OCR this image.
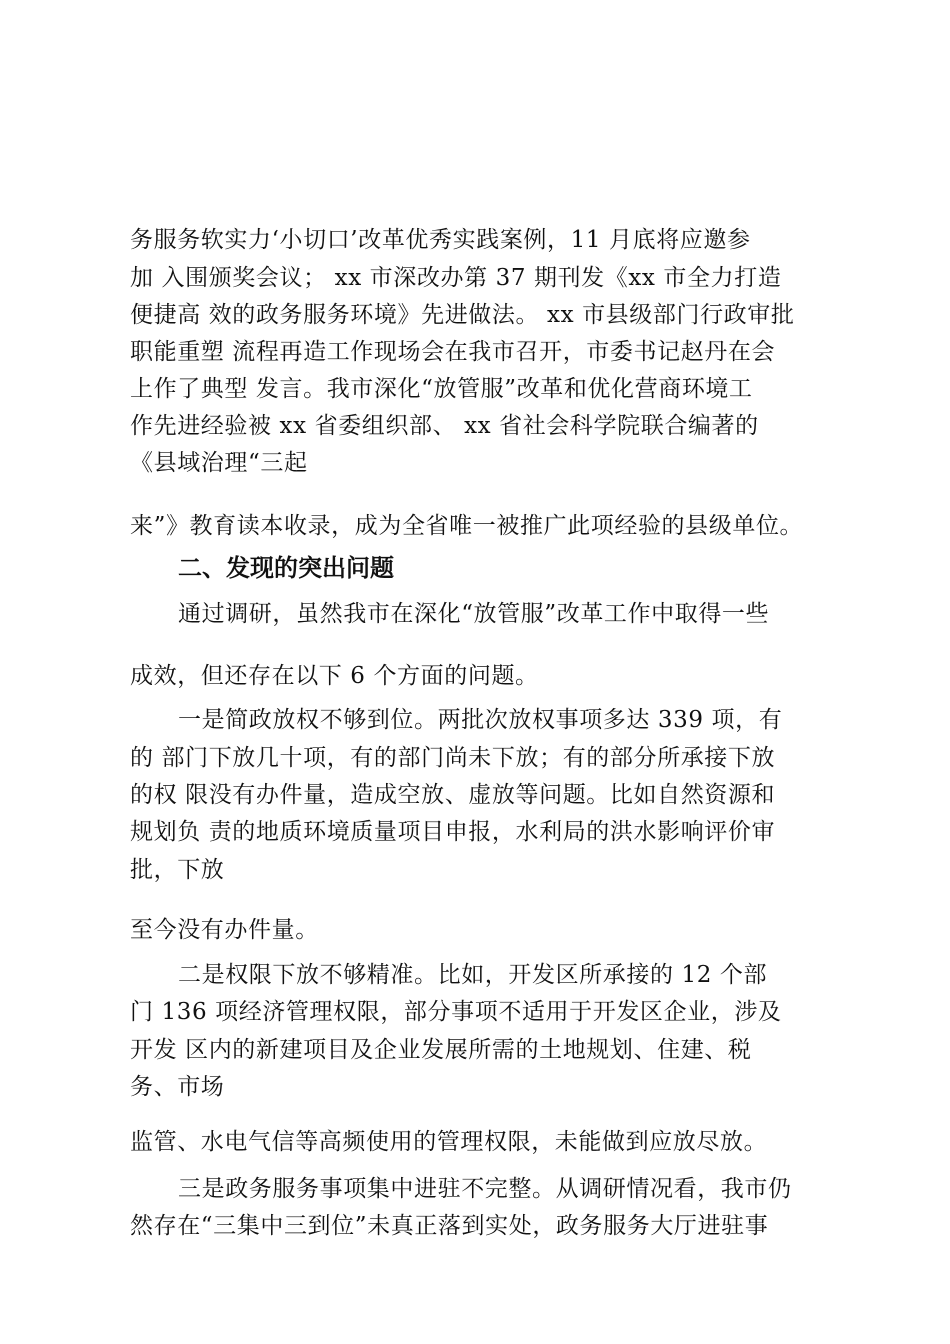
务服务软实力‘小切口’改革优秀实践案例，11 月底将应邀参
加 入围颁奖会议； xx 市深改办第 37 期刊发《xx 市全力打造
便捷高 效的政务服务环境》先进做法。 xx 市县级部门行政审批
职能重塑 流程再造工作现场会在我市召开，市委书记赵丹在会
上作了典型 发言。我市深化“放管服”改革和优化营商环境工
作先进经验被 xx 省委组织部、 xx 省社会科学院联合编著的
《县域治理“三起
来”》教育读本收录，成为全省唯一被推广此项经验的县级单位。
二、发现的突出问题
通过调研，虽然我市在深化“放管服”改革工作中取得一些
成效，但还存在以下 6 个方面的问题。
一是简政放权不够到位。两批次放权事项多达 339 项，有
的 部门下放几十项，有的部门尚未下放；有的部分所承接下放
的权 限没有办件量，造成空放、虚放等问题。比如自然资源和
规划负 责的地质环境质量项目申报，水利局的洪水影响评价审
批，下放
至今没有办件量。
二是权限下放不够精准。比如，开发区所承接的 12 个部
门 136 项经济管理权限，部分事项不适用于开发区企业，涉及
开发 区内的新建项目及企业发展所需的土地规划、住建、税
务、市场
监管、水电气信等高频使用的管理权限，未能做到应放尽放。
三是政务服务事项集中进驻不完整。从调研情况看，我市仍
然存在“三集中三到位”未真正落到实处，政务服务大厅进驻事
